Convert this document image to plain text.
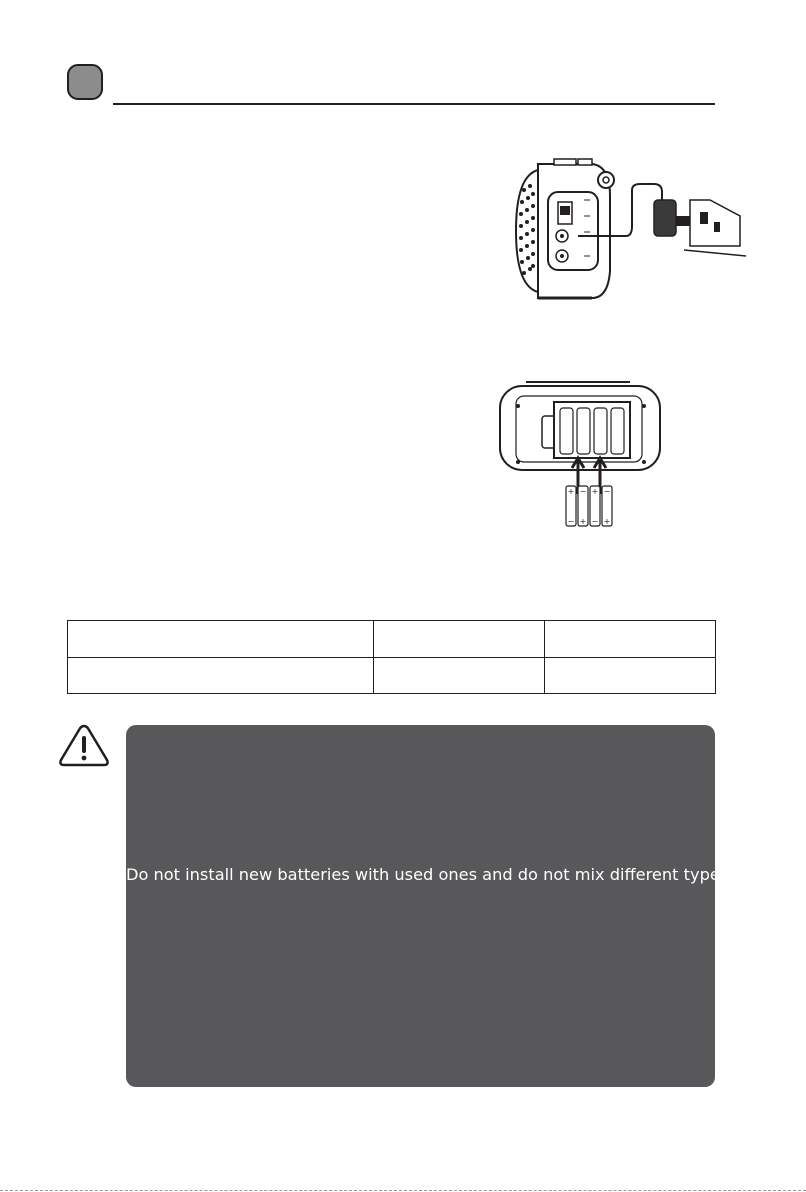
+ − + −
− + − +

Do not install new batteries with used ones and do not mix different types of
